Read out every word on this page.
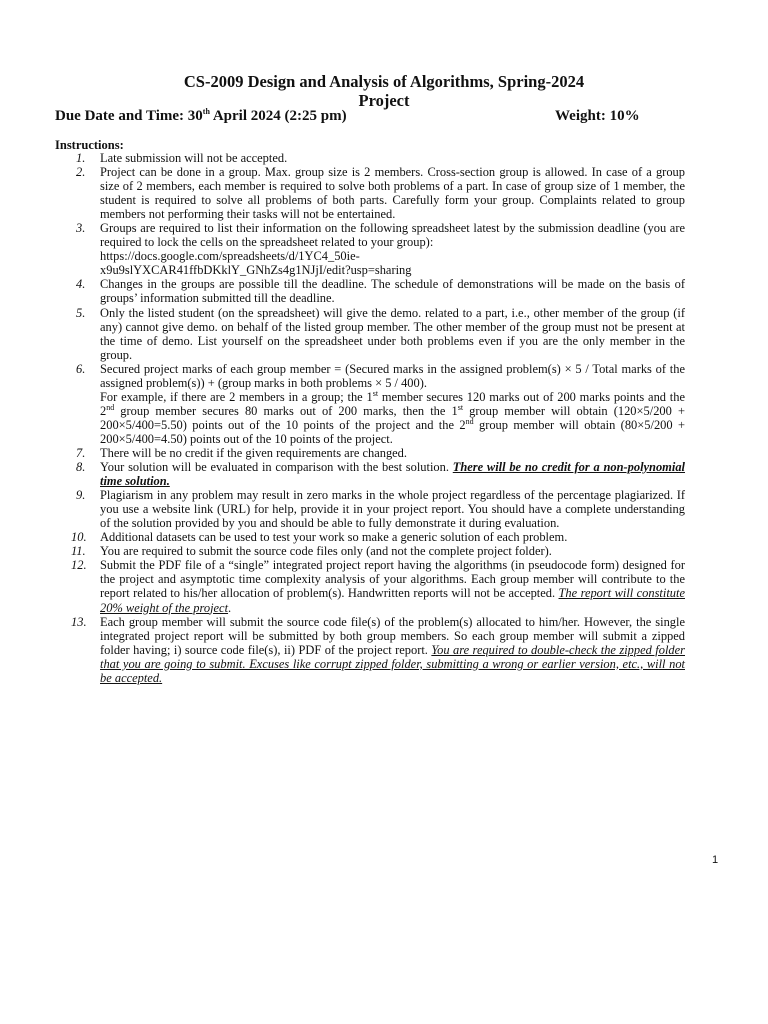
CS-2009 Design and Analysis of Algorithms, Spring-2024
Project
Due Date and Time: 30th April 2024 (2:25 pm)	Weight: 10%
Instructions:
1.	Late submission will not be accepted.
2.	Project can be done in a group. Max. group size is 2 members. Cross-section group is allowed. In case of a group size of 2 members, each member is required to solve both problems of a part. In case of group size of 1 member, the student is required to solve all problems of both parts. Carefully form your group. Complaints related to group members not performing their tasks will not be entertained.
3.	Groups are required to list their information on the following spreadsheet latest by the submission deadline (you are required to lock the cells on the spreadsheet related to your group):
https://docs.google.com/spreadsheets/d/1YC4_50ie-
x9u9slYXCAR41ffbDKklY_GNhZs4g1NJjI/edit?usp=sharing
4.	Changes in the groups are possible till the deadline. The schedule of demonstrations will be made on the basis of groups’ information submitted till the deadline.
5.	Only the listed student (on the spreadsheet) will give the demo. related to a part, i.e., other member of the group (if any) cannot give demo. on behalf of the listed group member. The other member of the group must not be present at the time of demo. List yourself on the spreadsheet under both problems even if you are the only member in the group.
6.	Secured project marks of each group member = (Secured marks in the assigned problem(s) × 5 / Total marks of the assigned problem(s)) + (group marks in both problems × 5 / 400).
For example, if there are 2 members in a group; the 1st member secures 120 marks out of 200 marks points and the 2nd group member secures 80 marks out of 200 marks, then the 1st group member will obtain (120×5/200 + 200×5/400=5.50) points out of the 10 points of the project and the 2nd group member will obtain (80×5/200 + 200×5/400=4.50) points out of the 10 points of the project.
7.	There will be no credit if the given requirements are changed.
8.	Your solution will be evaluated in comparison with the best solution. There will be no credit for a non-polynomial time solution.
9.	Plagiarism in any problem may result in zero marks in the whole project regardless of the percentage plagiarized. If you use a website link (URL) for help, provide it in your project report. You should have a complete understanding of the solution provided by you and should be able to fully demonstrate it during evaluation.
10.	Additional datasets can be used to test your work so make a generic solution of each problem.
11.	You are required to submit the source code files only (and not the complete project folder).
12.	Submit the PDF file of a “single” integrated project report having the algorithms (in pseudocode form) designed for the project and asymptotic time complexity analysis of your algorithms. Each group member will contribute to the report related to his/her allocation of problem(s). Handwritten reports will not be accepted. The report will constitute 20% weight of the project.
13.	Each group member will submit the source code file(s) of the problem(s) allocated to him/her. However, the single integrated project report will be submitted by both group members. So each group member will submit a zipped folder having; i) source code file(s), ii) PDF of the project report. You are required to double-check the zipped folder that you are going to submit. Excuses like corrupt zipped folder, submitting a wrong or earlier version, etc., will not be accepted.
1
